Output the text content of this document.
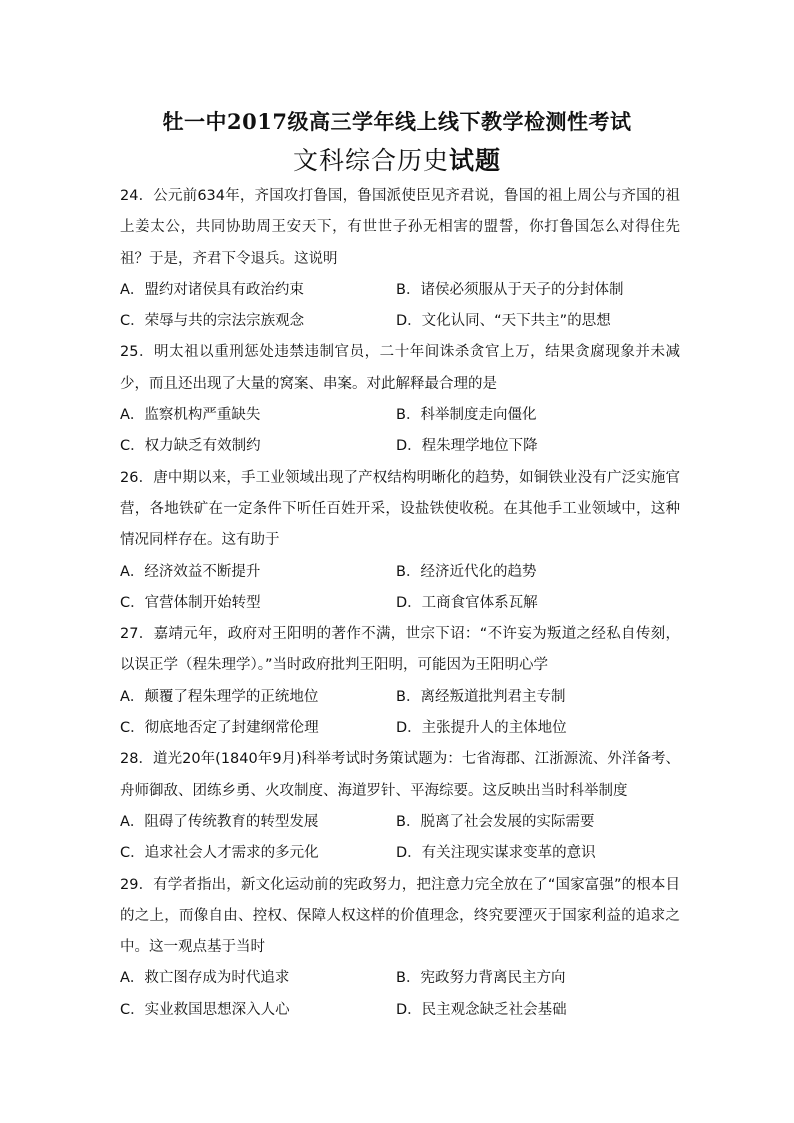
牡一中2017级高三学年线上线下教学检测性考试
文科综合历史试题

24．公元前634年，齐国攻打鲁国，鲁国派使臣见齐君说，鲁国的祖上周公与齐国的祖上姜太公，共同协助周王安天下，有世世子孙无相害的盟誓，你打鲁国怎么对得住先祖？于是，齐君下令退兵。这说明

A．盟约对诸侯具有政治约束	B．诸侯必须服从于天子的分封体制
C．荣辱与共的宗法宗族观念	D．文化认同、“天下共主”的思想

25．明太祖以重刑惩处违禁违制官员，二十年间诛杀贪官上万，结果贪腐现象并未减少，而且还出现了大量的窝案、串案。对此解释最合理的是

A．监察机构严重缺失	B．科举制度走向僵化
C．权力缺乏有效制约	D．程朱理学地位下降

26．唐中期以来，手工业领域出现了产权结构明晰化的趋势，如铜铁业没有广泛实施官营，各地铁矿在一定条件下听任百姓开采，设盐铁使收税。在其他手工业领域中，这种情况同样存在。这有助于

A．经济效益不断提升	B．经济近代化的趋势
C．官营体制开始转型	D．工商食官体系瓦解

27．嘉靖元年，政府对王阳明的著作不满，世宗下诏：“不许妄为叛道之经私自传刻，以误正学（程朱理学）。”当时政府批判王阳明，可能因为王阳明心学

A．颠覆了程朱理学的正统地位	B．离经叛道批判君主专制
C．彻底地否定了封建纲常伦理	D．主张提升人的主体地位

28．道光20年(1840年9月)科举考试时务策试题为：七省海郡、江浙源流、外洋备考、舟师御敌、团练乡勇、火攻制度、海道罗针、平海综要。这反映出当时科举制度

A．阻碍了传统教育的转型发展	B．脱离了社会发展的实际需要
C．追求社会人才需求的多元化	D．有关注现实谋求变革的意识

29．有学者指出，新文化运动前的宪政努力，把注意力完全放在了“国家富强”的根本目的之上，而像自由、控权、保障人权这样的价值理念，终究要湮灭于国家利益的追求之中。这一观点基于当时

A．救亡图存成为时代追求	B．宪政努力背离民主方向
C．实业救国思想深入人心	D．民主观念缺乏社会基础
